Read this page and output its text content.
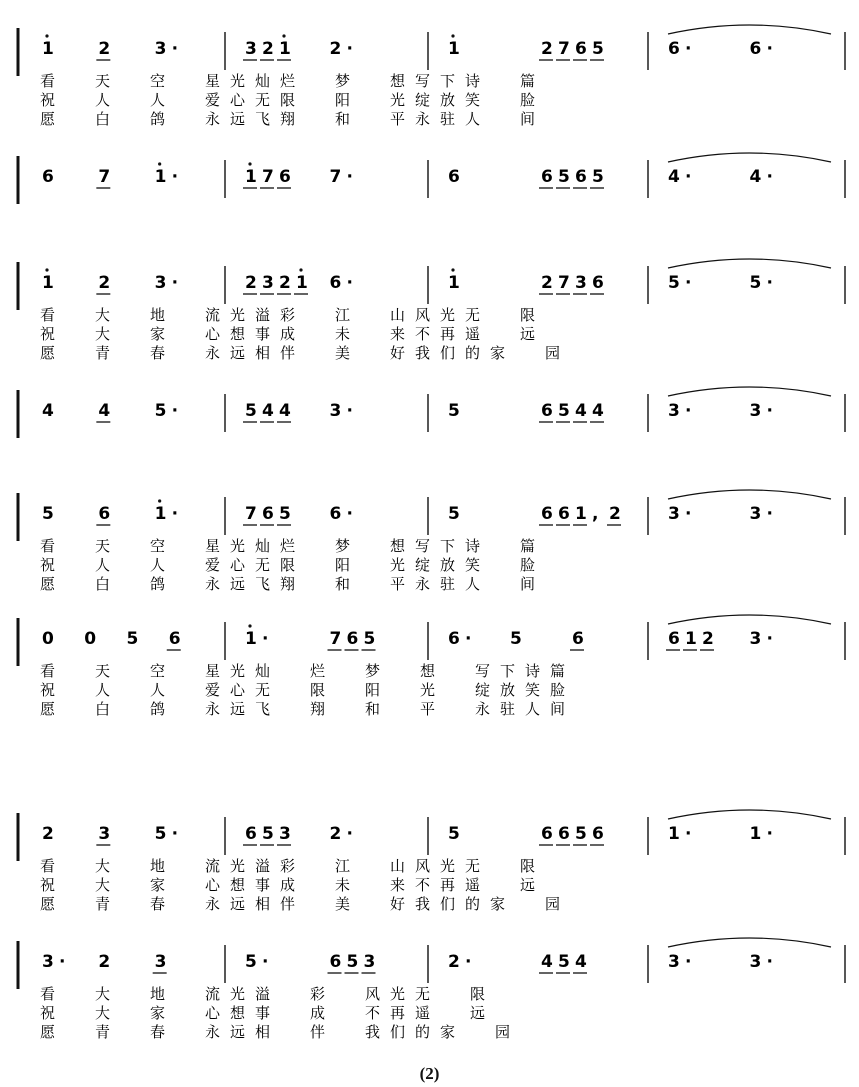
1	2	3 ·	3 2 1 2 ·	1	2 7 6 5	6 ·	6 ·
看 天 空 星光灿烂 梦 想写下诗 篇
祝 人 人 爱心无限 阳 光绽放笑 脸
愿 白 鸽 永远飞翔 和 平永驻人 间
6	7	1 ·	1 7 6 7 ·	6	6 5 6 5	4 ·	4 ·
1	2	3 ·	2 3 2 1 6 ·	1	2 7 3 6	5 ·	5 ·
看 大 地 流光溢彩 江 山风光无 限
祝 大 家 心想事成 未 来不再遥 远
愿 青 春 永远相伴 美 好我们的家 园
4	4	5 ·	5 4 4 3 ·	5	6 5 4 4	3 ·	3 ·
5	6	1 ·	7 6 5 6 ·	5	6 6 1 , 2	3 ·	3 ·
看 天 空 星光灿烂 梦 想写下诗 篇
祝 人 人 爱心无限 阳 光绽放笑 脸
愿 白 鸽 永远飞翔 和 平永驻人 间
0 0 5 6	1 ·	7 6 5	6 · 5	6	6 1 2 3 ·
看 天 空 星光灿 烂 梦 想 写下诗篇
祝 人 人 爱心无 限 阳 光 绽放笑脸
愿 白 鸽 永远飞 翔 和 平 永驻人间
2	3	5 ·	6 5 3 2 ·	5	6 6 5 6	1 ·	1 ·
看 大 地 流光溢彩 江 山风光无 限
祝 大 家 心想事成 未 来不再遥 远
愿 青 春 永远相伴 美 好我们的家 园
3 · 2	3	5 ·	6 5 3	2 ·	4 5 4	3 ·	3 ·
看 大 地 流光溢 彩 风光无 限
祝 大 家 心想事 成 不再遥 远
愿 青 春 永远相 伴 我们的家 园
(2)
